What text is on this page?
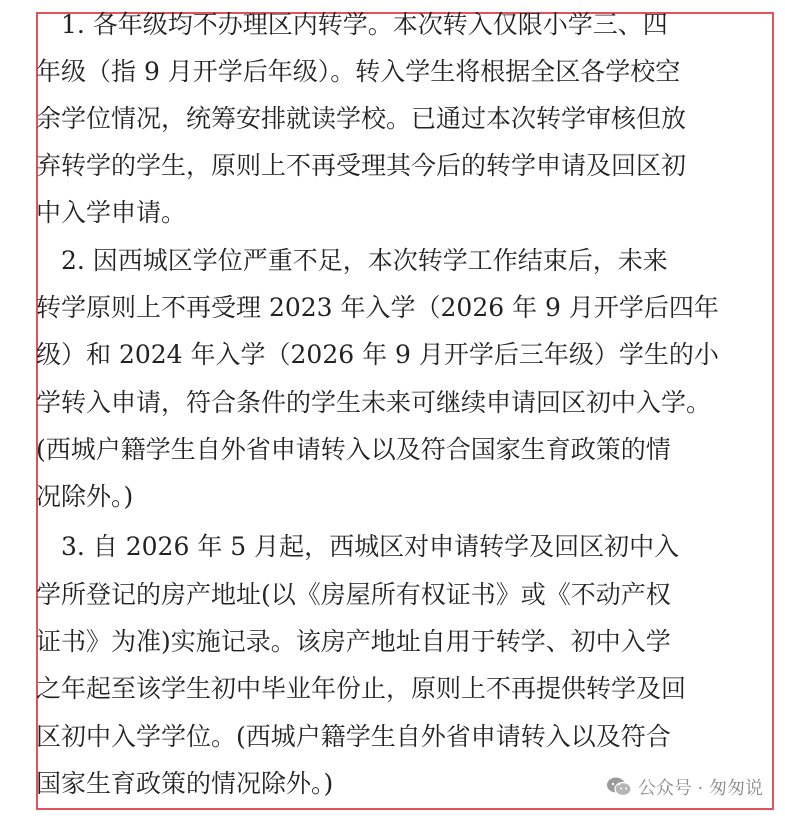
　1. 各年级均不办理区内转学。本次转入仅限小学三、四
年级（指 9 月开学后年级）。转入学生将根据全区各学校空
余学位情况，统筹安排就读学校。已通过本次转学审核但放
弃转学的学生，原则上不再受理其今后的转学申请及回区初
中入学申请。
　2. 因西城区学位严重不足，本次转学工作结束后，未来
转学原则上不再受理 2023 年入学（2026 年 9 月开学后四年
级）和 2024 年入学（2026 年 9 月开学后三年级）学生的小
学转入申请，符合条件的学生未来可继续申请回区初中入学。
(西城户籍学生自外省申请转入以及符合国家生育政策的情
况除外。)
　3. 自 2026 年 5 月起，西城区对申请转学及回区初中入
学所登记的房产地址(以《房屋所有权证书》或《不动产权
证书》为准)实施记录。该房产地址自用于转学、初中入学
之年起至该学生初中毕业年份止，原则上不再提供转学及回
区初中入学学位。(西城户籍学生自外省申请转入以及符合
国家生育政策的情况除外。)	公众号 · 匆匆说
